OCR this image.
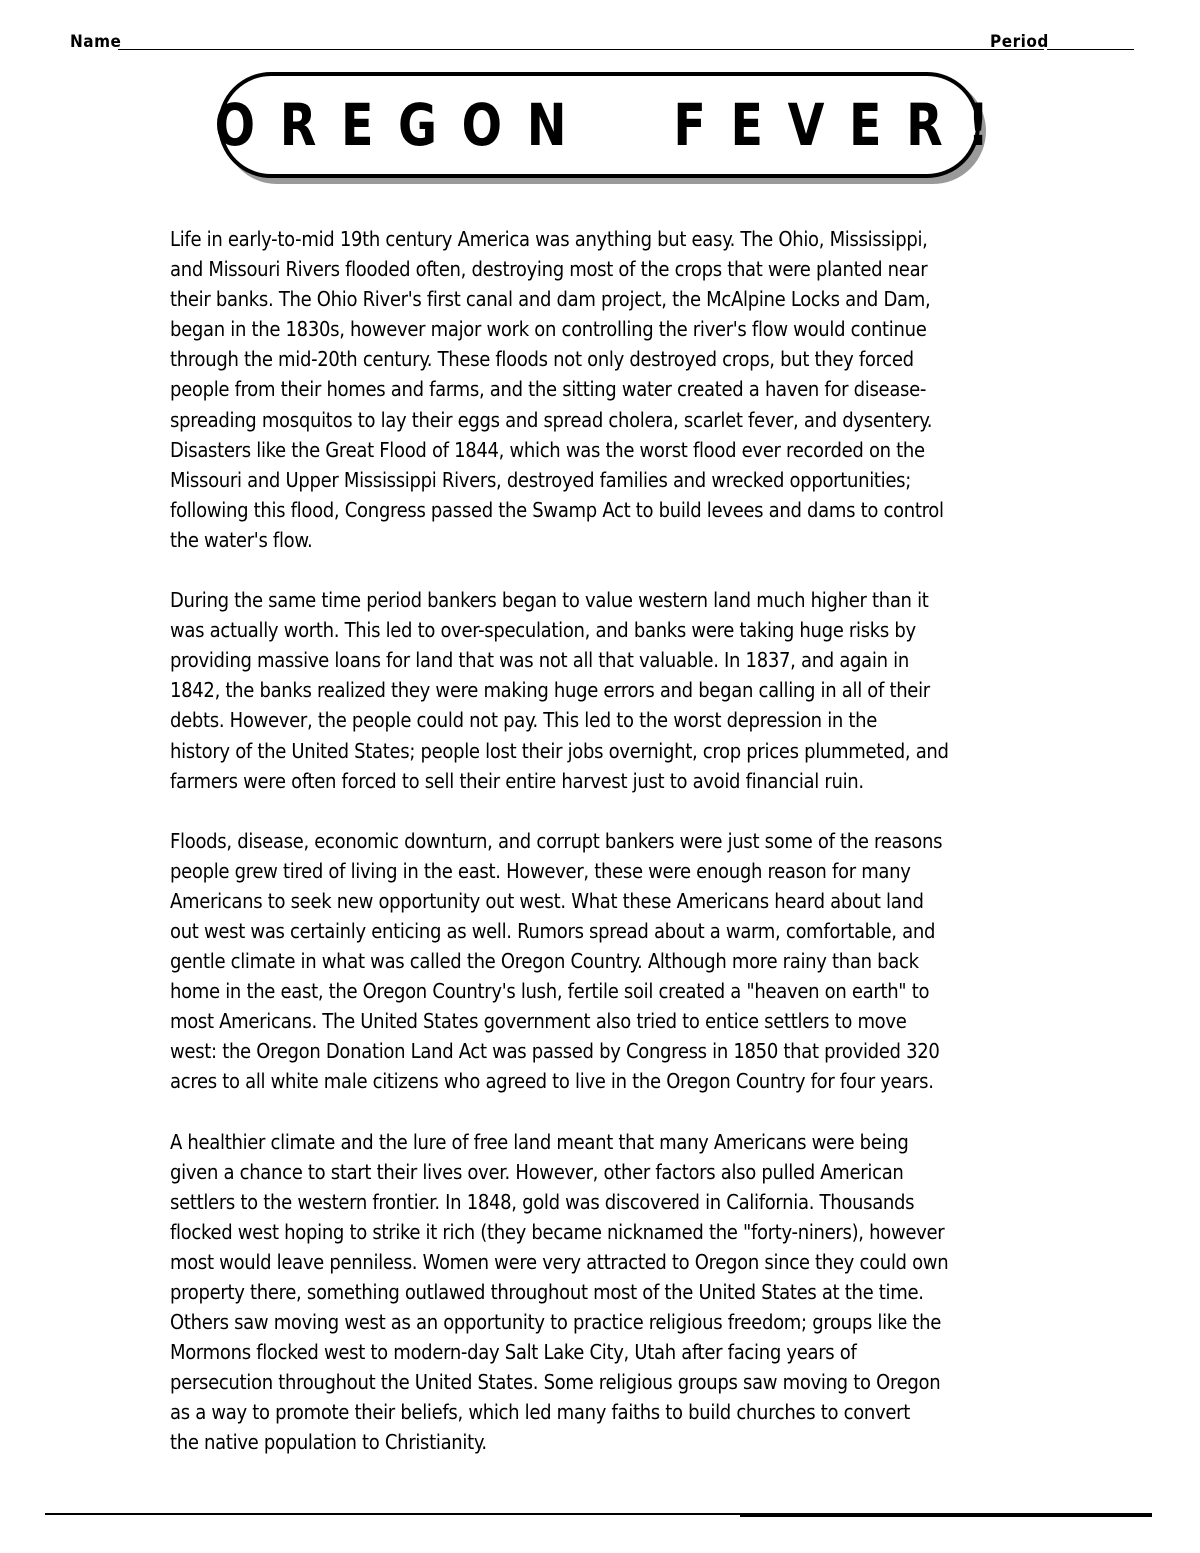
Name	Period
OREGON  FEVER!

Life in early-to-mid 19th century America was anything but easy. The Ohio, Mississippi,
and Missouri Rivers flooded often, destroying most of the crops that were planted near
their banks. The Ohio River's first canal and dam project, the McAlpine Locks and Dam,
began in the 1830s, however major work on controlling the river's flow would continue
through the mid-20th century. These floods not only destroyed crops, but they forced
people from their homes and farms, and the sitting water created a haven for disease-
spreading mosquitos to lay their eggs and spread cholera, scarlet fever, and dysentery.
Disasters like the Great Flood of 1844, which was the worst flood ever recorded on the
Missouri and Upper Mississippi Rivers, destroyed families and wrecked opportunities;
following this flood, Congress passed the Swamp Act to build levees and dams to control
the water's flow.

During the same time period bankers began to value western land much higher than it
was actually worth. This led to over-speculation, and banks were taking huge risks by
providing massive loans for land that was not all that valuable. In 1837, and again in
1842, the banks realized they were making huge errors and began calling in all of their
debts. However, the people could not pay. This led to the worst depression in the
history of the United States; people lost their jobs overnight, crop prices plummeted, and
farmers were often forced to sell their entire harvest just to avoid financial ruin.

Floods, disease, economic downturn, and corrupt bankers were just some of the reasons
people grew tired of living in the east. However, these were enough reason for many
Americans to seek new opportunity out west. What these Americans heard about land
out west was certainly enticing as well. Rumors spread about a warm, comfortable, and
gentle climate in what was called the Oregon Country. Although more rainy than back
home in the east, the Oregon Country's lush, fertile soil created a "heaven on earth" to
most Americans. The United States government also tried to entice settlers to move
west: the Oregon Donation Land Act was passed by Congress in 1850 that provided 320
acres to all white male citizens who agreed to live in the Oregon Country for four years.

A healthier climate and the lure of free land meant that many Americans were being
given a chance to start their lives over. However, other factors also pulled American
settlers to the western frontier. In 1848, gold was discovered in California. Thousands
flocked west hoping to strike it rich (they became nicknamed the "forty-niners), however
most would leave penniless. Women were very attracted to Oregon since they could own
property there, something outlawed throughout most of the United States at the time.
Others saw moving west as an opportunity to practice religious freedom; groups like the
Mormons flocked west to modern-day Salt Lake City, Utah after facing years of
persecution throughout the United States. Some religious groups saw moving to Oregon
as a way to promote their beliefs, which led many faiths to build churches to convert
the native population to Christianity.
